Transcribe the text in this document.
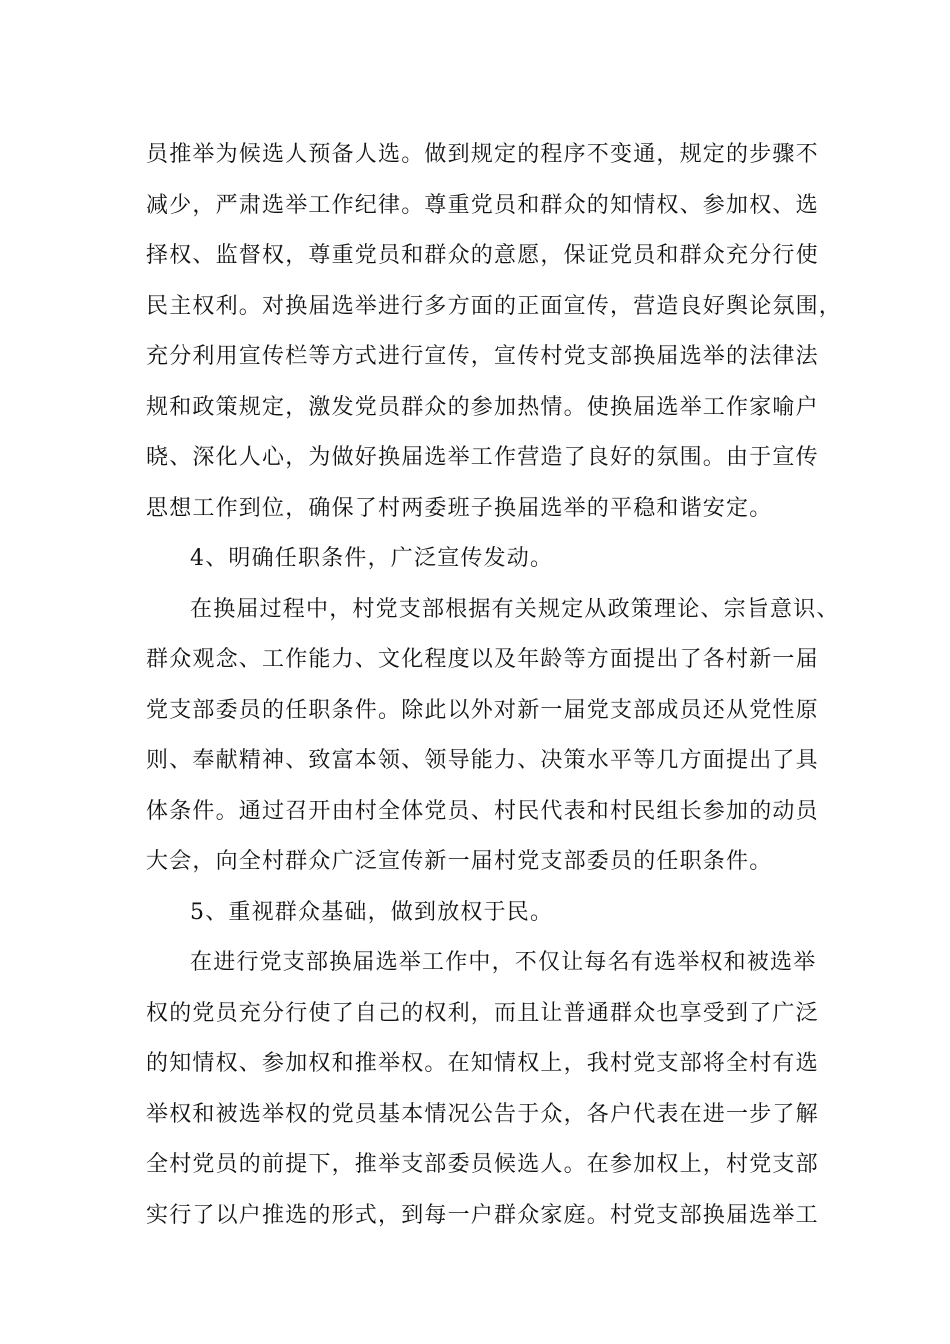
员推举为候选人预备人选。做到规定的程序不变通，规定的步骤不
减少，严肃选举工作纪律。尊重党员和群众的知情权、参加权、选
择权、监督权，尊重党员和群众的意愿，保证党员和群众充分行使
民主权利。对换届选举进行多方面的正面宣传，营造良好舆论氛围，
充分利用宣传栏等方式进行宣传，宣传村党支部换届选举的法律法
规和政策规定，激发党员群众的参加热情。使换届选举工作家喻户
晓、深化人心，为做好换届选举工作营造了良好的氛围。由于宣传
思想工作到位，确保了村两委班子换届选举的平稳和谐安定。
4、明确任职条件，广泛宣传发动。
在换届过程中，村党支部根据有关规定从政策理论、宗旨意识、
群众观念、工作能力、文化程度以及年龄等方面提出了各村新一届
党支部委员的任职条件。除此以外对新一届党支部成员还从党性原
则、奉献精神、致富本领、领导能力、决策水平等几方面提出了具
体条件。通过召开由村全体党员、村民代表和村民组长参加的动员
大会，向全村群众广泛宣传新一届村党支部委员的任职条件。
5、重视群众基础，做到放权于民。
在进行党支部换届选举工作中，不仅让每名有选举权和被选举
权的党员充分行使了自己的权利，而且让普通群众也享受到了广泛
的知情权、参加权和推举权。在知情权上，我村党支部将全村有选
举权和被选举权的党员基本情况公告于众，各户代表在进一步了解
全村党员的前提下，推举支部委员候选人。在参加权上，村党支部
实行了以户推选的形式，到每一户群众家庭。村党支部换届选举工
